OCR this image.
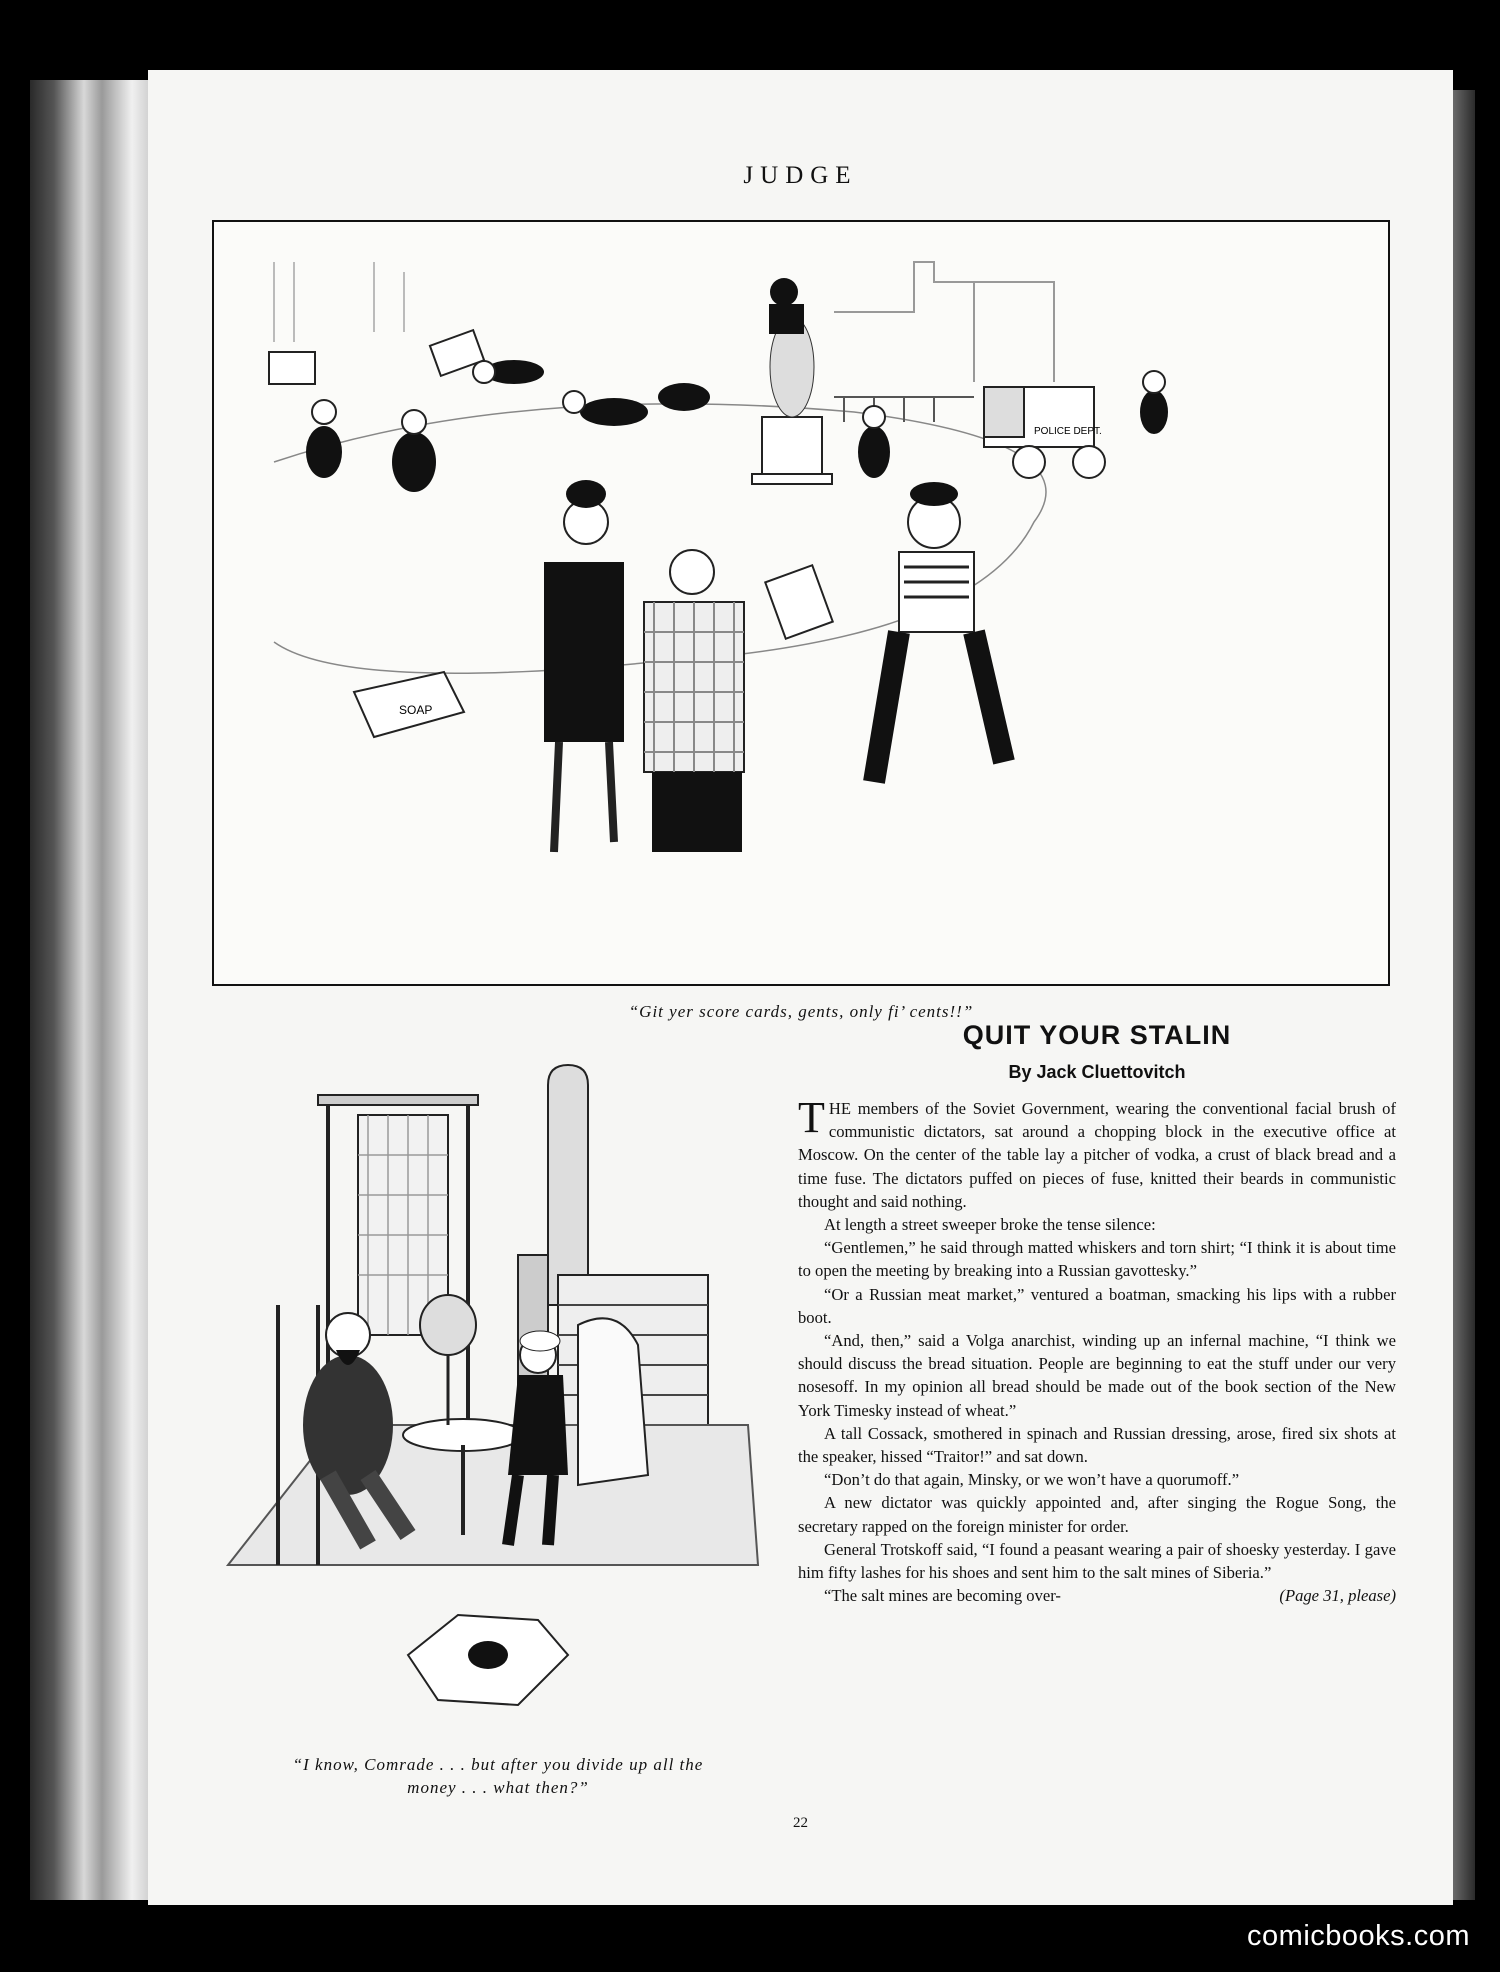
JUDGE
POLICE DEPT.
SOAP
“Git yer score cards, gents, only fi’ cents!!”
“I know, Comrade . . . but after you divide up all the
money . . . what then?”
QUIT YOUR STALIN
By Jack Cluettovitch

THE members of the Soviet Government, wearing the conventional facial brush of communistic dictators, sat around a chopping block in the executive office at Moscow. On the center of the table lay a pitcher of vodka, a crust of black bread and a time fuse. The dictators puffed on pieces of fuse, knitted their beards in communistic thought and said nothing.

At length a street sweeper broke the tense silence:

“Gentlemen,” he said through matted whiskers and torn shirt; “I think it is about time to open the meeting by breaking into a Russian gavottesky.”

“Or a Russian meat market,” ventured a boatman, smacking his lips with a rubber boot.

“And, then,” said a Volga anarchist, winding up an infernal machine, “I think we should discuss the bread situation. People are beginning to eat the stuff under our very nosesoff. In my opinion all bread should be made out of the book section of the New York Timesky instead of wheat.”

A tall Cossack, smothered in spinach and Russian dressing, arose, fired six shots at the speaker, hissed “Traitor!” and sat down.

“Don’t do that again, Minsky, or we won’t have a quorumoff.”

A new dictator was quickly appointed and, after singing the Rogue Song, the secretary rapped on the foreign minister for order.

General Trotskoff said, “I found a peasant wearing a pair of shoesky yesterday. I gave him fifty lashes for his shoes and sent him to the salt mines of Siberia.”

“The salt mines are becoming over-	(Page 31, please)

22
comicbooks.com
